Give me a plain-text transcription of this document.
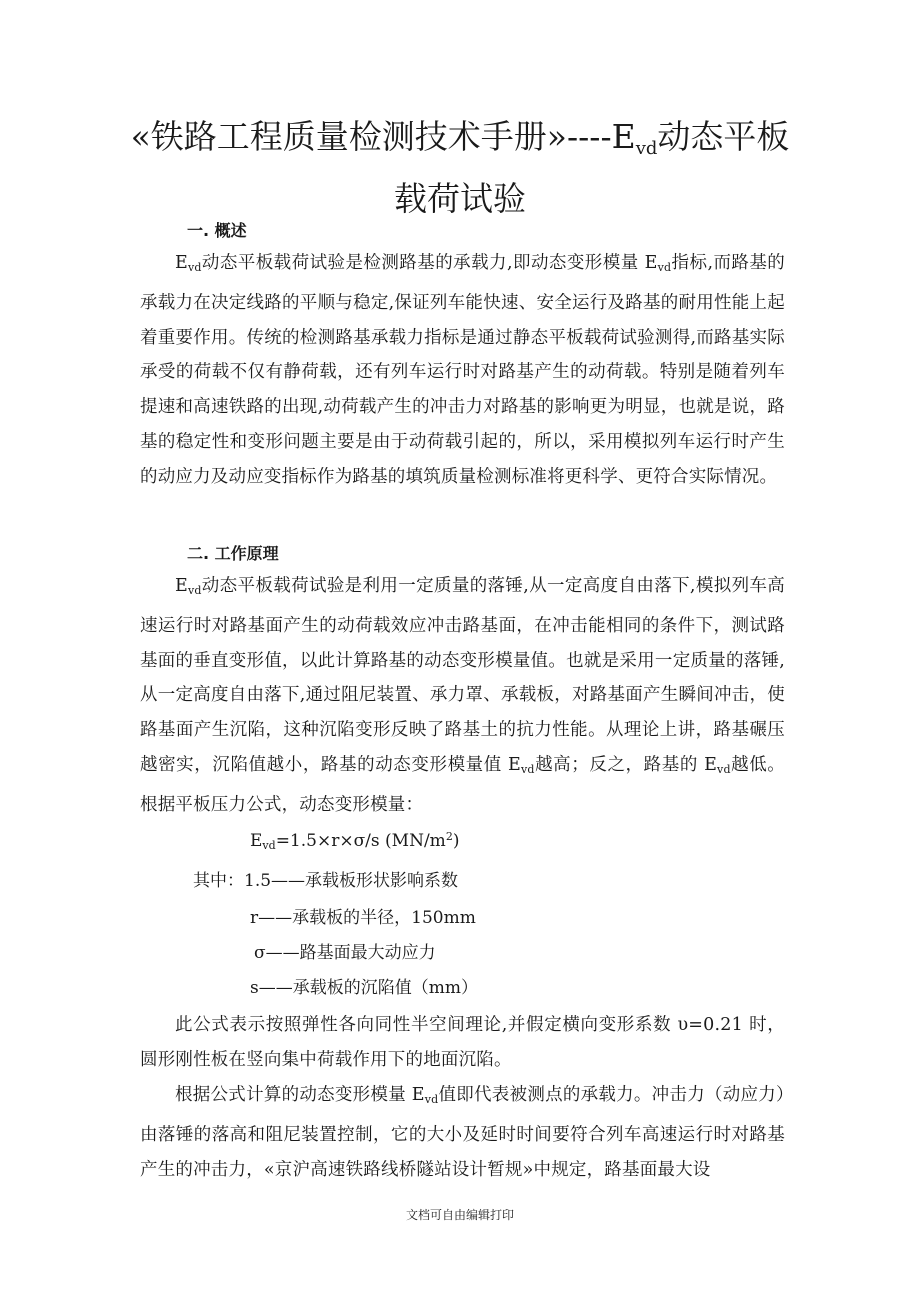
«铁路工程质量检测技术手册$»----E_{vd}$动态平板载荷试验
一. 概述

Evd动态平板载荷试验是检测路基的承载力,即动态变形模量 Evd指标,而路基的承载力在决定线路的平顺与稳定,保证列车能快速、安全运行及路基的耐用性能上起着重要作用。传统的检测路基承载力指标是通过静态平板载荷试验测得,而路基实际承受的荷载不仅有静荷载，还有列车运行时对路基产生的动荷载。特别是随着列车提速和高速铁路的出现,动荷载产生的冲击力对路基的影响更为明显，也就是说，路基的稳定性和变形问题主要是由于动荷载引起的，所以，采用模拟列车运行时产生的动应力及动应变指标作为路基的填筑质量检测标准将更科学、更符合实际情况。

二. 工作原理

Evd动态平板载荷试验是利用一定质量的落锤,从一定高度自由落下,模拟列车高速运行时对路基面产生的动荷载效应冲击路基面，在冲击能相同的条件下，测试路基面的垂直变形值，以此计算路基的动态变形模量值。也就是采用一定质量的落锤,从一定高度自由落下,通过阻尼装置、承力罩、承载板，对路基面产生瞬间冲击，使路基面产生沉陷，这种沉陷变形反映了路基土的抗力性能。从理论上讲，路基碾压越密实，沉陷值越小，路基的动态变形模量值 Evd越高；反之，路基的 Evd越低。根据平板压力公式，动态变形模量：

Evd=1.5×r×σ/s $(MN/m^2)$

其中：1.5——承载板形状影响系数

r——承载板的半径，150mm

σ——路基面最大动应力

s——承载板的沉陷值（mm）

此公式表示按照弹性各向同性半空间理论,并假定横向变形系数 υ=0.21 时，圆形刚性板在竖向集中荷载作用下的地面沉陷。

根据公式计算的动态变形模量 Evd值即代表被测点的承载力。冲击力（动应力）由落锤的落高和阻尼装置控制，它的大小及延时时间要符合列车高速运行时对路基产生的冲击力，«京沪高速铁路线桥隧站设计暂规»中规定，路基面最大设

文档可自由编辑打印
